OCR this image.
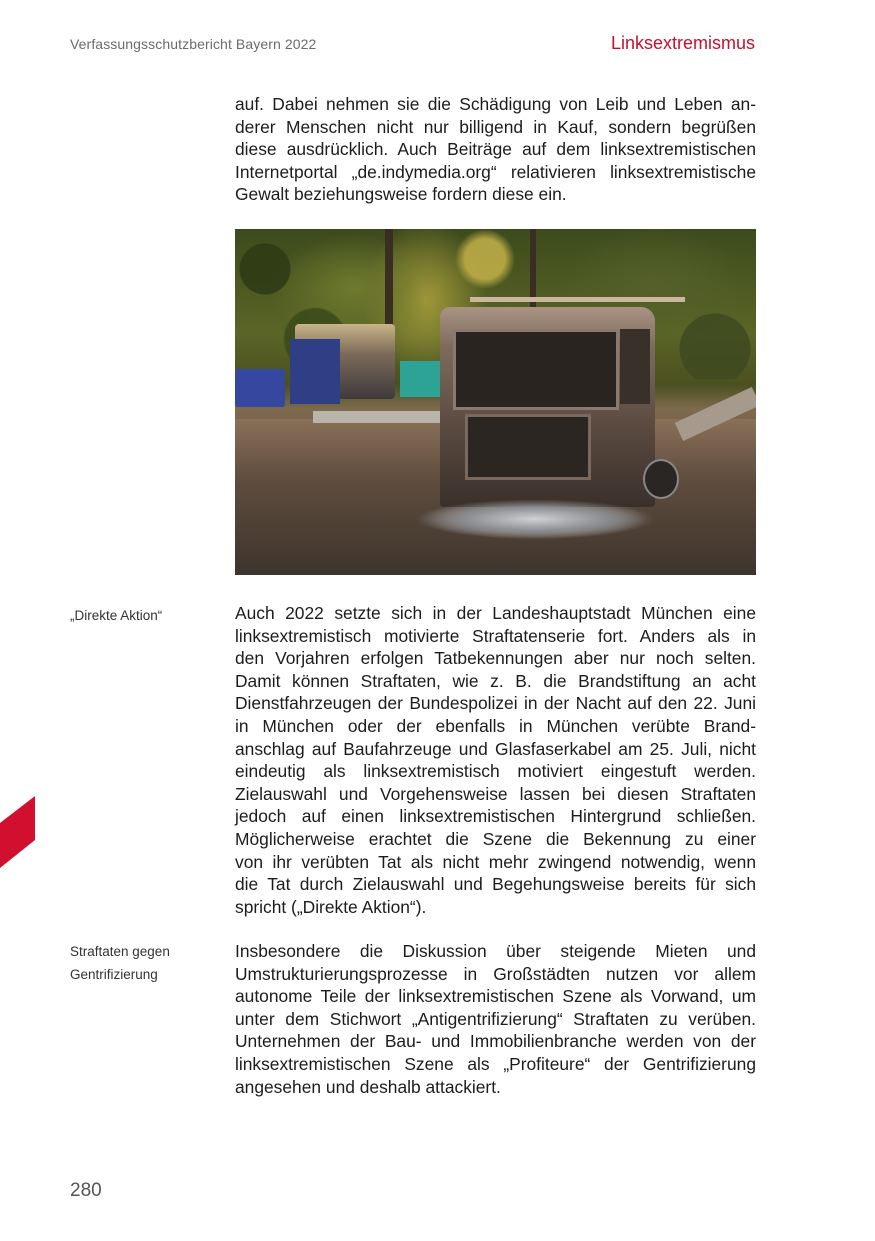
Verfassungsschutzbericht Bayern 2022	Linksextremismus
auf. Dabei nehmen sie die Schädigung von Leib und Leben an-
derer Menschen nicht nur billigend in Kauf, sondern begrüßen
diese ausdrücklich. Auch Beiträge auf dem linksextremistischen
Internetportal „de.indymedia.org“ relativieren linksextremistische
Gewalt beziehungsweise fordern diese ein.
„Direkte Aktion“	Auch 2022 setzte sich in der Landeshauptstadt München eine
linksextremistisch motivierte Straftatenserie fort. Anders als in
den Vorjahren erfolgen Tatbekennungen aber nur noch selten.
Damit können Straftaten, wie z. B. die Brandstiftung an acht
Dienstfahrzeugen der Bundespolizei in der Nacht auf den 22. Juni
in München oder der ebenfalls in München verübte Brand-
anschlag auf Baufahrzeuge und Glasfaserkabel am 25. Juli, nicht
eindeutig als linksextremistisch motiviert eingestuft werden.
Zielauswahl und Vorgehensweise lassen bei diesen Straftaten
jedoch auf einen linksextremistischen Hintergrund schließen.
Möglicherweise erachtet die Szene die Bekennung zu einer
von ihr verübten Tat als nicht mehr zwingend notwendig, wenn
die Tat durch Zielauswahl und Begehungsweise bereits für sich
spricht („Direkte Aktion“).
Straftaten gegen
Gentrifizierung
Insbesondere die Diskussion über steigende Mieten und
Umstrukturierungsprozesse in Großstädten nutzen vor allem
autonome Teile der linksextremistischen Szene als Vorwand, um
unter dem Stichwort „Antigentrifizierung“ Straftaten zu verüben.
Unternehmen der Bau- und Immobilienbranche werden von der
linksextremistischen Szene als „Profiteure“ der Gentrifizierung
angesehen und deshalb attackiert.
280
